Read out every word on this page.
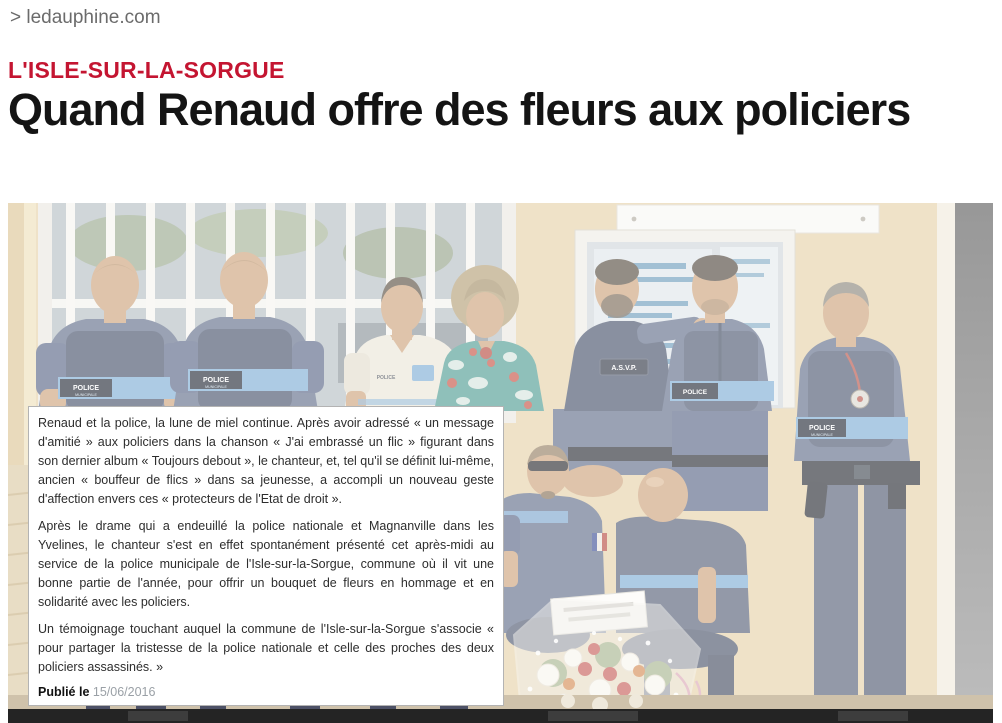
> ledauphine.com
L'ISLE-SUR-LA-SORGUE
Quand Renaud offre des fleurs aux policiers
POLICE
MUNICIPALE
POLICE
MUNICIPALE
POLICE
A.S.V.P.
POLICE
POLICE
MUNICIPALE

Renaud et la police, la lune de miel continue. Après avoir adressé « un message d'amitié » aux policiers dans la chanson « J'ai embrassé un flic » figurant dans son dernier album « Toujours debout », le chanteur, et, tel qu'il se définit lui-même, ancien « bouffeur de flics » dans sa jeunesse, a accompli un nouveau geste d'affection envers ces « protecteurs de l'Etat de droit ».

Après le drame qui a endeuillé la police nationale et Magnanville dans les Yvelines, le chanteur s'est en effet spontanément présenté cet après-midi au service de la police municipale de l'Isle-sur-la-Sorgue, commune où il vit une bonne partie de l'année, pour offrir un bouquet de fleurs en hommage et en solidarité avec les policiers.

Un témoignage touchant auquel la commune de l'Isle-sur-la-Sorgue s'associe « pour partager la tristesse de la police nationale et celle des proches des deux policiers assassinés. »

Publié le 15/06/2016
